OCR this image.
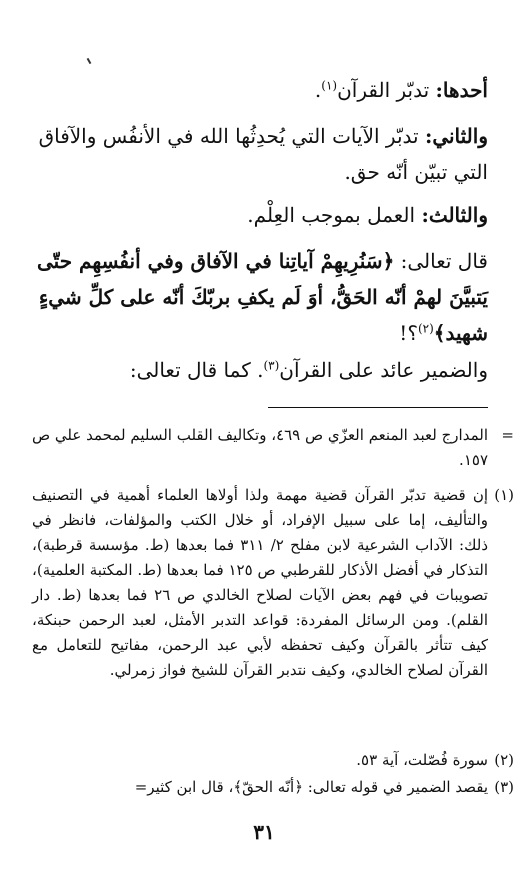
أحدها: تدبّر القرآن$^{(١)}$.
والثاني: تدبّر الآيات التي يُحدِثُها الله في الأنفُس والآفاق التي تبيّن أنّه حق.
والثالث: العمل بموجب العِلْم.
قال تعالى: ﴿سَنُرِيهِمْ آياتِنا في الآفاق وفي أنفُسِهِم حتّى يَتبيَّنَ لهمْ أنّه الحَقُّ، أوَ لَم يكفِ بربّكَ أنّه على كلِّ شيءٍ شهيد﴾$^{(٢)}$؟!
والضمير عائد على القرآن$^{(٣)}$. كما قال تعالى:
=
المدارج لعبد المنعم العزّي ص ٤٦٩، وتكاليف القلب السليم لمحمد علي ص ١٥٧.
(١)
إن قضية تدبّر القرآن قضية مهمة ولذا أولاها العلماء أهمية في التصنيف والتأليف، إما على سبيل الإفراد، أو خلال الكتب والمؤلفات، فانظر في ذلك: الآداب الشرعية لابن مفلح ٢/ ٣١١ فما بعدها (ط. مؤسسة قرطبة)، التذكار في أفضل الأذكار للقرطبي ص ١٢٥ فما بعدها (ط. المكتبة العلمية)، تصويبات في فهم بعض الآيات لصلاح الخالدي ص ٢٦ فما بعدها (ط. دار القلم). ومن الرسائل المفردة: قواعد التدبر الأمثل، لعبد الرحمن حبنكة، كيف تتأثر بالقرآن وكيف تحفظه لأبي عبد الرحمن، مفاتيح للتعامل مع القرآن لصلاح الخالدي، وكيف نتدبر القرآن للشيخ فواز زمرلي.
(٢)
سورة فُصّلت، آية ٥٣.
(٣)
يقصد الضمير في قوله تعالى: ﴿أنّه الحقّ﴾، قال ابن كثير=
٣١
